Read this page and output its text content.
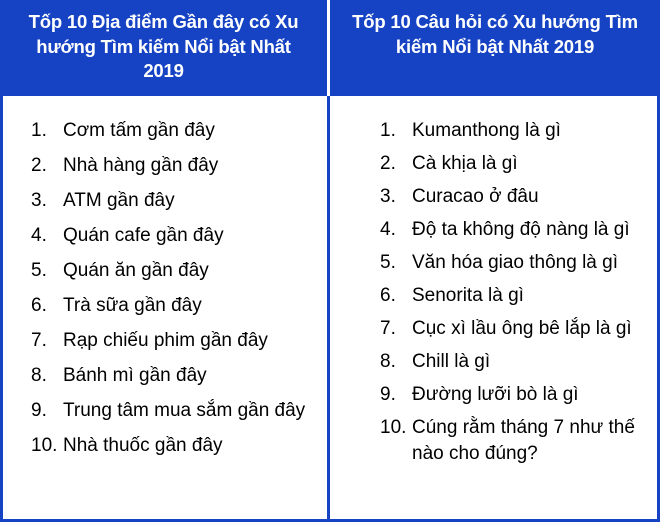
Tốp 10 Địa điểm Gần đây có Xu hướng Tìm kiếm Nổi bật Nhất 2019
Tốp 10 Câu hỏi có Xu hướng Tìm kiếm Nổi bật Nhất 2019
1. Cơm tấm gần đây
2. Nhà hàng gần đây
3. ATM gần đây
4. Quán cafe gần đây
5. Quán ăn gần đây
6. Trà sữa gần đây
7. Rạp chiếu phim gần đây
8. Bánh mì gần đây
9. Trung tâm mua sắm gần đây
10. Nhà thuốc gần đây
1. Kumanthong là gì
2. Cà khịa là gì
3. Curacao ở đâu
4. Độ ta không độ nàng là gì
5. Văn hóa giao thông là gì
6. Senorita là gì
7. Cục xì lầu ông bê lắp là gì
8. Chill là gì
9. Đường lưỡi bò là gì
10. Cúng rằm tháng 7 như thế nào cho đúng?
